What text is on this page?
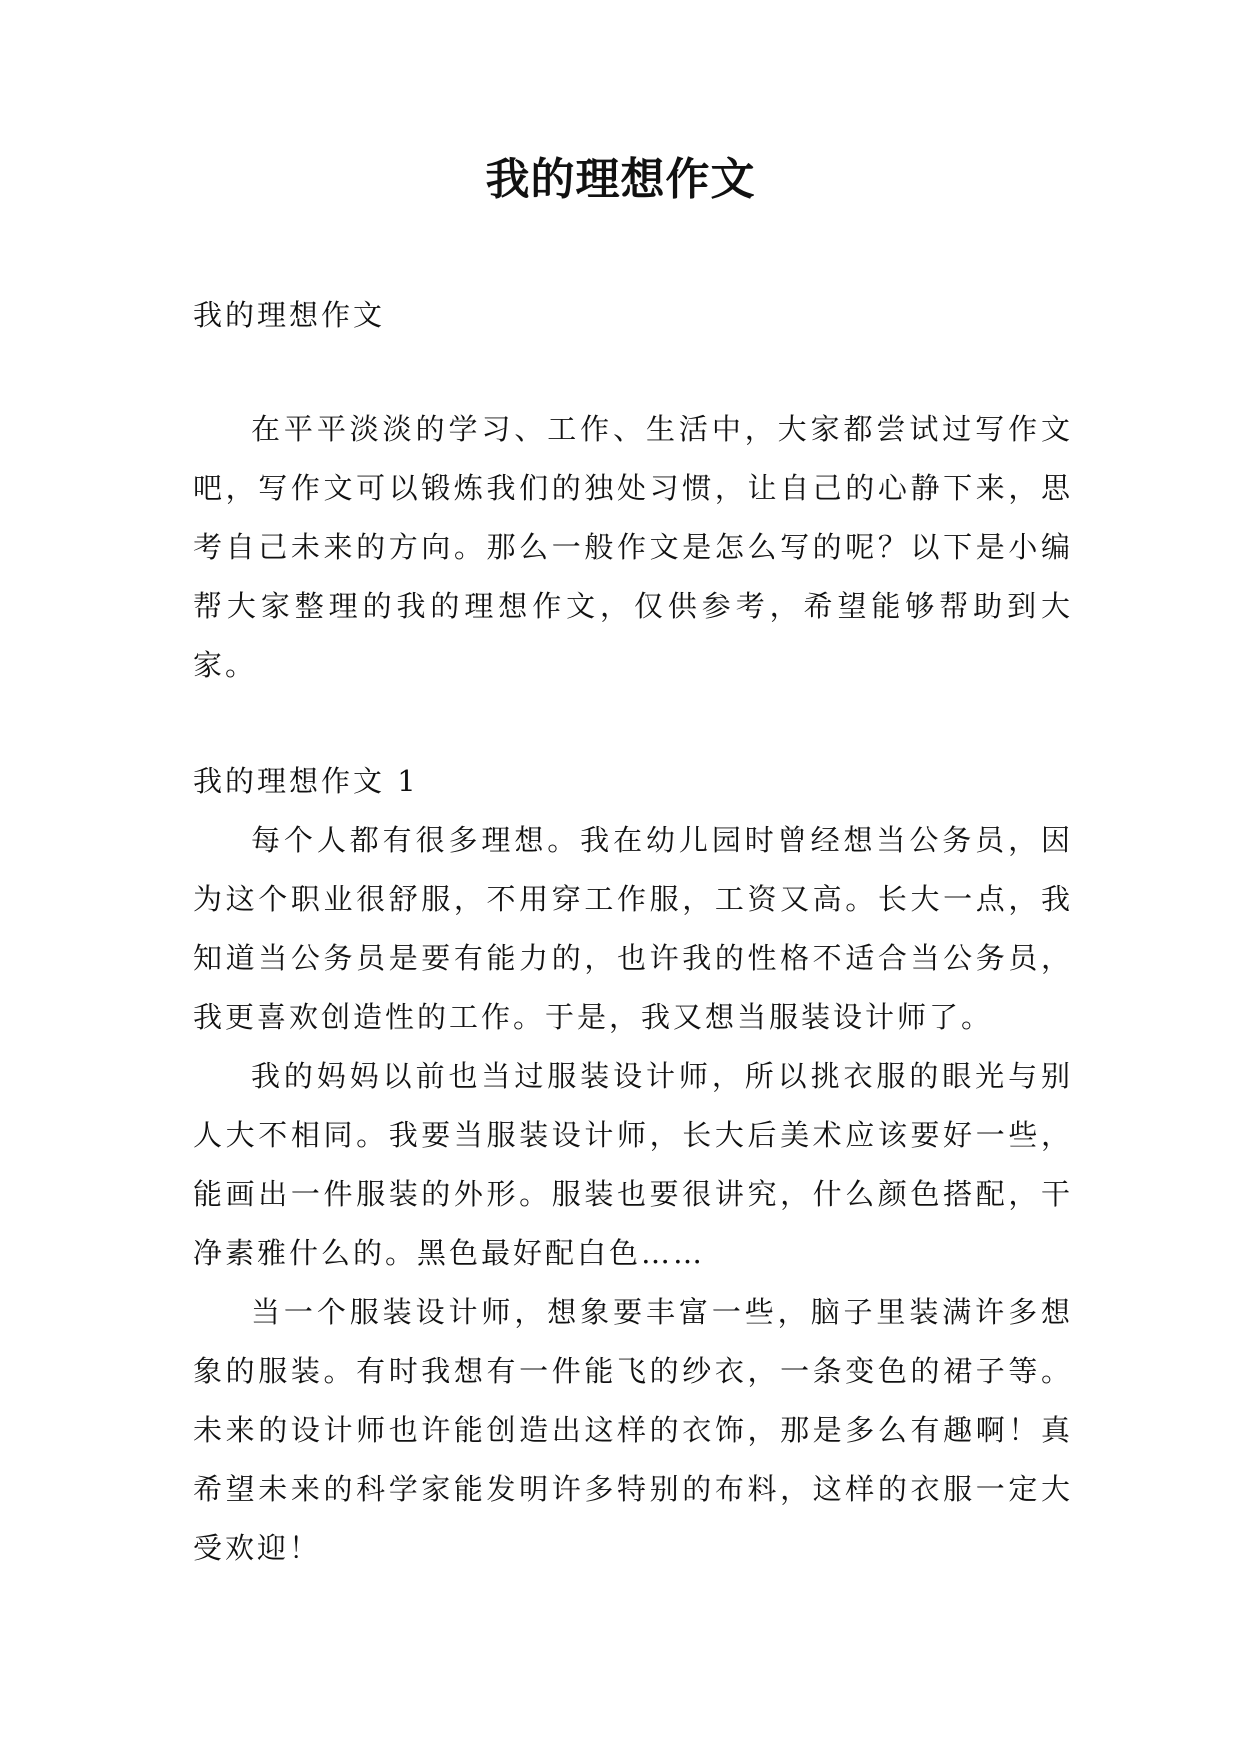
我的理想作文

我的理想作文

在平平淡淡的学习、工作、生活中，大家都尝试过写作文吧，写作文可以锻炼我们的独处习惯，让自己的心静下来，思考自己未来的方向。那么一般作文是怎么写的呢？以下是小编帮大家整理的我的理想作文，仅供参考，希望能够帮助到大家。

我的理想作文 1

每个人都有很多理想。我在幼儿园时曾经想当公务员，因为这个职业很舒服，不用穿工作服，工资又高。长大一点，我知道当公务员是要有能力的，也许我的性格不适合当公务员，我更喜欢创造性的工作。于是，我又想当服装设计师了。

我的妈妈以前也当过服装设计师，所以挑衣服的眼光与别人大不相同。我要当服装设计师，长大后美术应该要好一些，能画出一件服装的外形。服装也要很讲究，什么颜色搭配，干净素雅什么的。黑色最好配白色……

当一个服装设计师，想象要丰富一些，脑子里装满许多想象的服装。有时我想有一件能飞的纱衣，一条变色的裙子等。未来的设计师也许能创造出这样的衣饰，那是多么有趣啊！真希望未来的科学家能发明许多特别的布料，这样的衣服一定大受欢迎！
